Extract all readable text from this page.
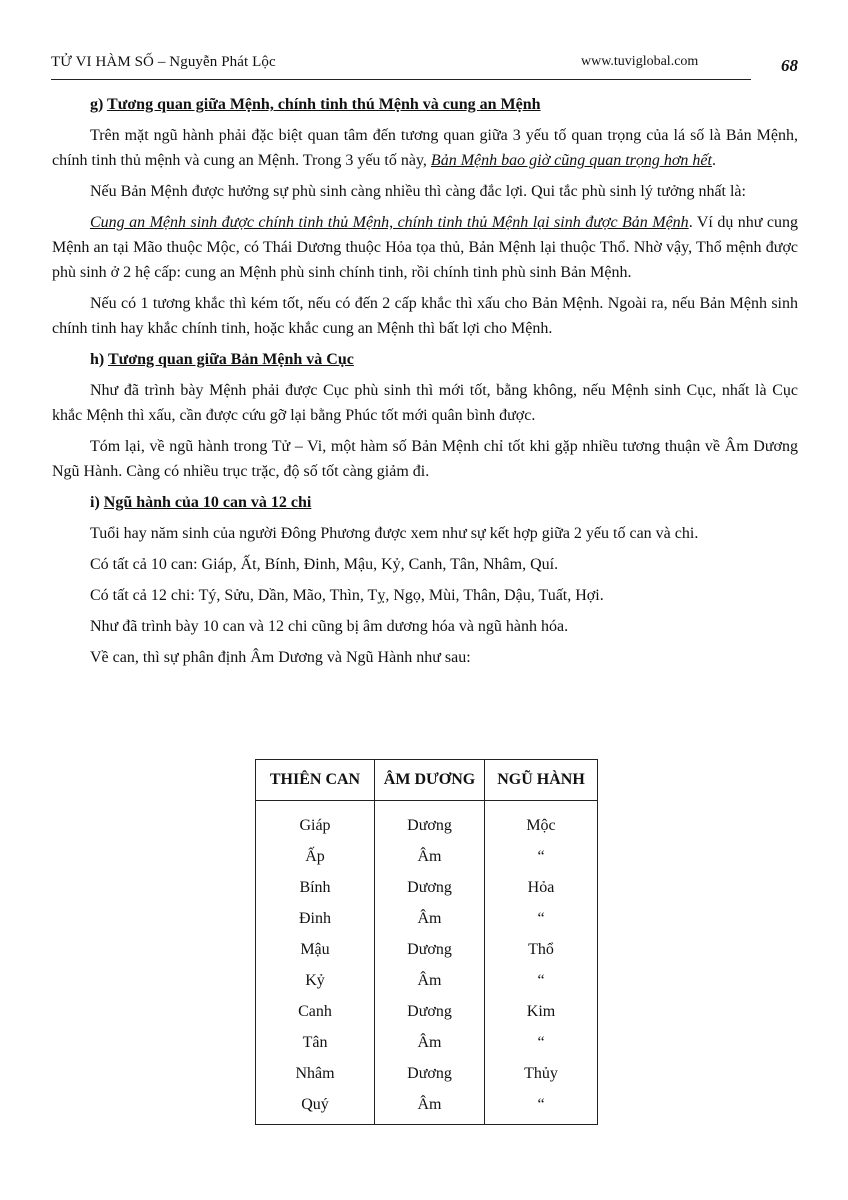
TỬ VI HÀM SỐ – Nguyễn Phát Lộc	www.tuviglobal.com	68
g) Tương quan giữa Mệnh, chính tinh thú Mệnh và cung an Mệnh

Trên mặt ngũ hành phải đặc biệt quan tâm đến tương quan giữa 3 yếu tố quan trọng của lá số là Bản Mệnh, chính tinh thủ mệnh và cung an Mệnh. Trong 3 yếu tố này, Bản Mệnh bao giờ cũng quan trọng hơn hết.

Nếu Bản Mệnh được hưởng sự phù sinh càng nhiều thì càng đắc lợi. Qui tắc phù sinh lý tưởng nhất là:

Cung an Mệnh sinh được chính tinh thủ Mệnh, chính tinh thủ Mệnh lại sinh được Bản Mệnh. Ví dụ như cung Mệnh an tại Mão thuộc Mộc, có Thái Dương thuộc Hỏa tọa thủ, Bản Mệnh lại thuộc Thổ. Nhờ vậy, Thổ mệnh được phù sinh ở 2 hệ cấp: cung an Mệnh phù sinh chính tinh, rồi chính tinh phù sinh Bản Mệnh.

Nếu có 1 tương khắc thì kém tốt, nếu có đến 2 cấp khắc thì xấu cho Bản Mệnh. Ngoài ra, nếu Bản Mệnh sinh chính tinh hay khắc chính tinh, hoặc khắc cung an Mệnh thì bất lợi cho Mệnh.

h) Tương quan giữa Bản Mệnh và Cục

Như đã trình bày Mệnh phải được Cục phù sinh thì mới tốt, bằng không, nếu Mệnh sinh Cục, nhất là Cục khắc Mệnh thì xấu, cần được cứu gỡ lại bằng Phúc tốt mới quân bình được.

Tóm lại, về ngũ hành trong Tử – Vi, một hàm số Bản Mệnh chỉ tốt khi gặp nhiều tương thuận về Âm Dương Ngũ Hành. Càng có nhiều trục trặc, độ số tốt càng giảm đi.

i) Ngũ hành của 10 can và 12 chi

Tuổi hay năm sinh của người Đông Phương được xem như sự kết hợp giữa 2 yếu tố can và chi.

Có tất cả 10 can: Giáp, Ất, Bính, Đinh, Mậu, Kỷ, Canh, Tân, Nhâm, Quí.

Có tất cả 12 chi: Tý, Sửu, Dần, Mão, Thìn, Tỵ, Ngọ, Mùi, Thân, Dậu, Tuất, Hợi.

Như đã trình bày 10 can và 12 chi cũng bị âm dương hóa và ngũ hành hóa.

Về can, thì sự phân định Âm Dương và Ngũ Hành như sau:

THIÊN CAN	ÂM DƯƠNG	NGŨ HÀNH
Giáp	Dương	Mộc
Ấp	Âm	“
Bính	Dương	Hỏa
Đinh	Âm	“
Mậu	Dương	Thổ
Kỷ	Âm	“
Canh	Dương	Kim
Tân	Âm	“
Nhâm	Dương	Thủy
Quý	Âm	“
